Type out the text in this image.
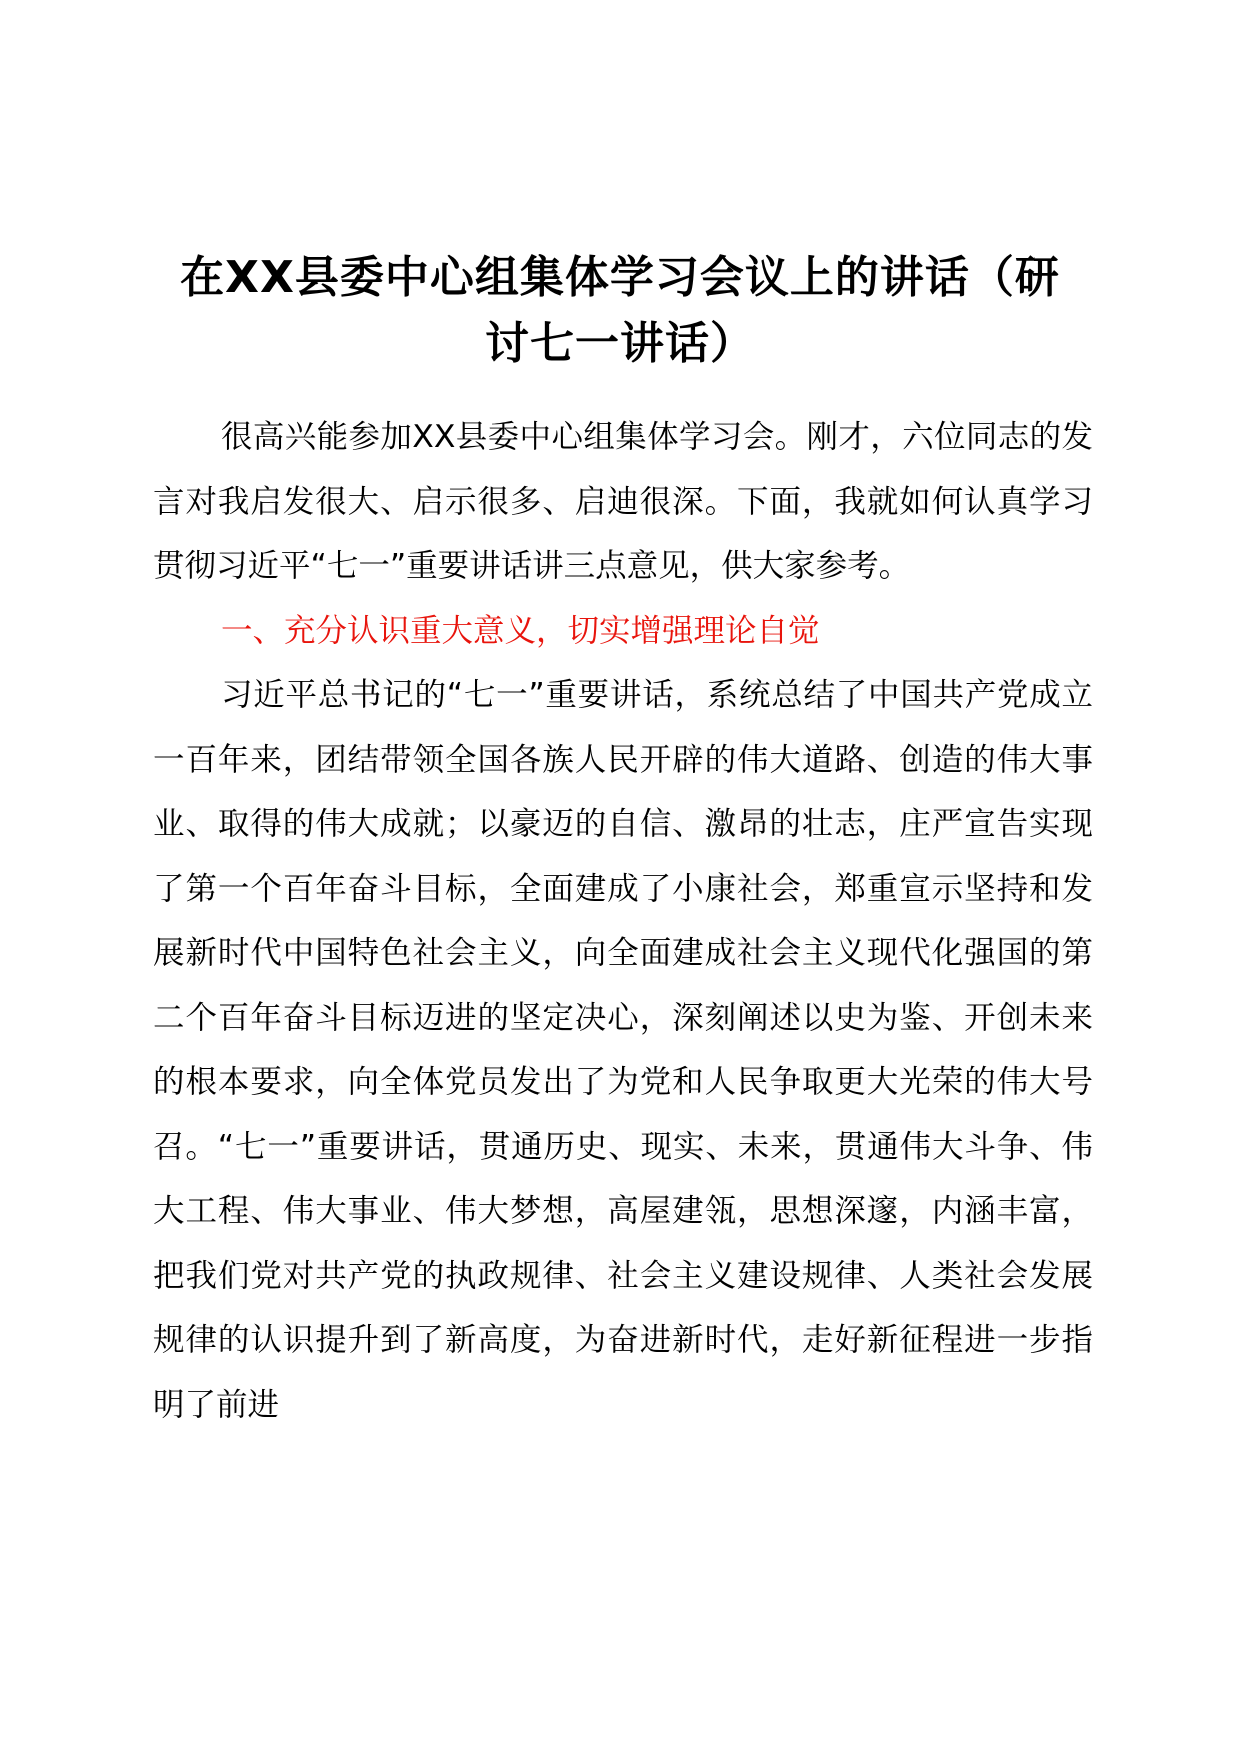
在XX县委中心组集体学习会议上的讲话（研
讨七一讲话）

很高兴能参加XX县委中心组集体学习会。刚才，六位同志的发言对我启发很大、启示很多、启迪很深。下面，我就如何认真学习贯彻习近平“七一”重要讲话讲三点意见，供大家参考。

一、充分认识重大意义，切实增强理论自觉

习近平总书记的“七一”重要讲话，系统总结了中国共产党成立一百年来，团结带领全国各族人民开辟的伟大道路、创造的伟大事业、取得的伟大成就；以豪迈的自信、激昂的壮志，庄严宣告实现了第一个百年奋斗目标，全面建成了小康社会，郑重宣示坚持和发展新时代中国特色社会主义，向全面建成社会主义现代化强国的第二个百年奋斗目标迈进的坚定决心，深刻阐述以史为鉴、开创未来的根本要求，向全体党员发出了为党和人民争取更大光荣的伟大号召。“七一”重要讲话，贯通历史、现实、未来，贯通伟大斗争、伟大工程、伟大事业、伟大梦想，高屋建瓴，思想深邃，内涵丰富，把我们党对共产党的执政规律、社会主义建设规律、人类社会发展规律的认识提升到了新高度，为奋进新时代，走好新征程进一步指明了前进
